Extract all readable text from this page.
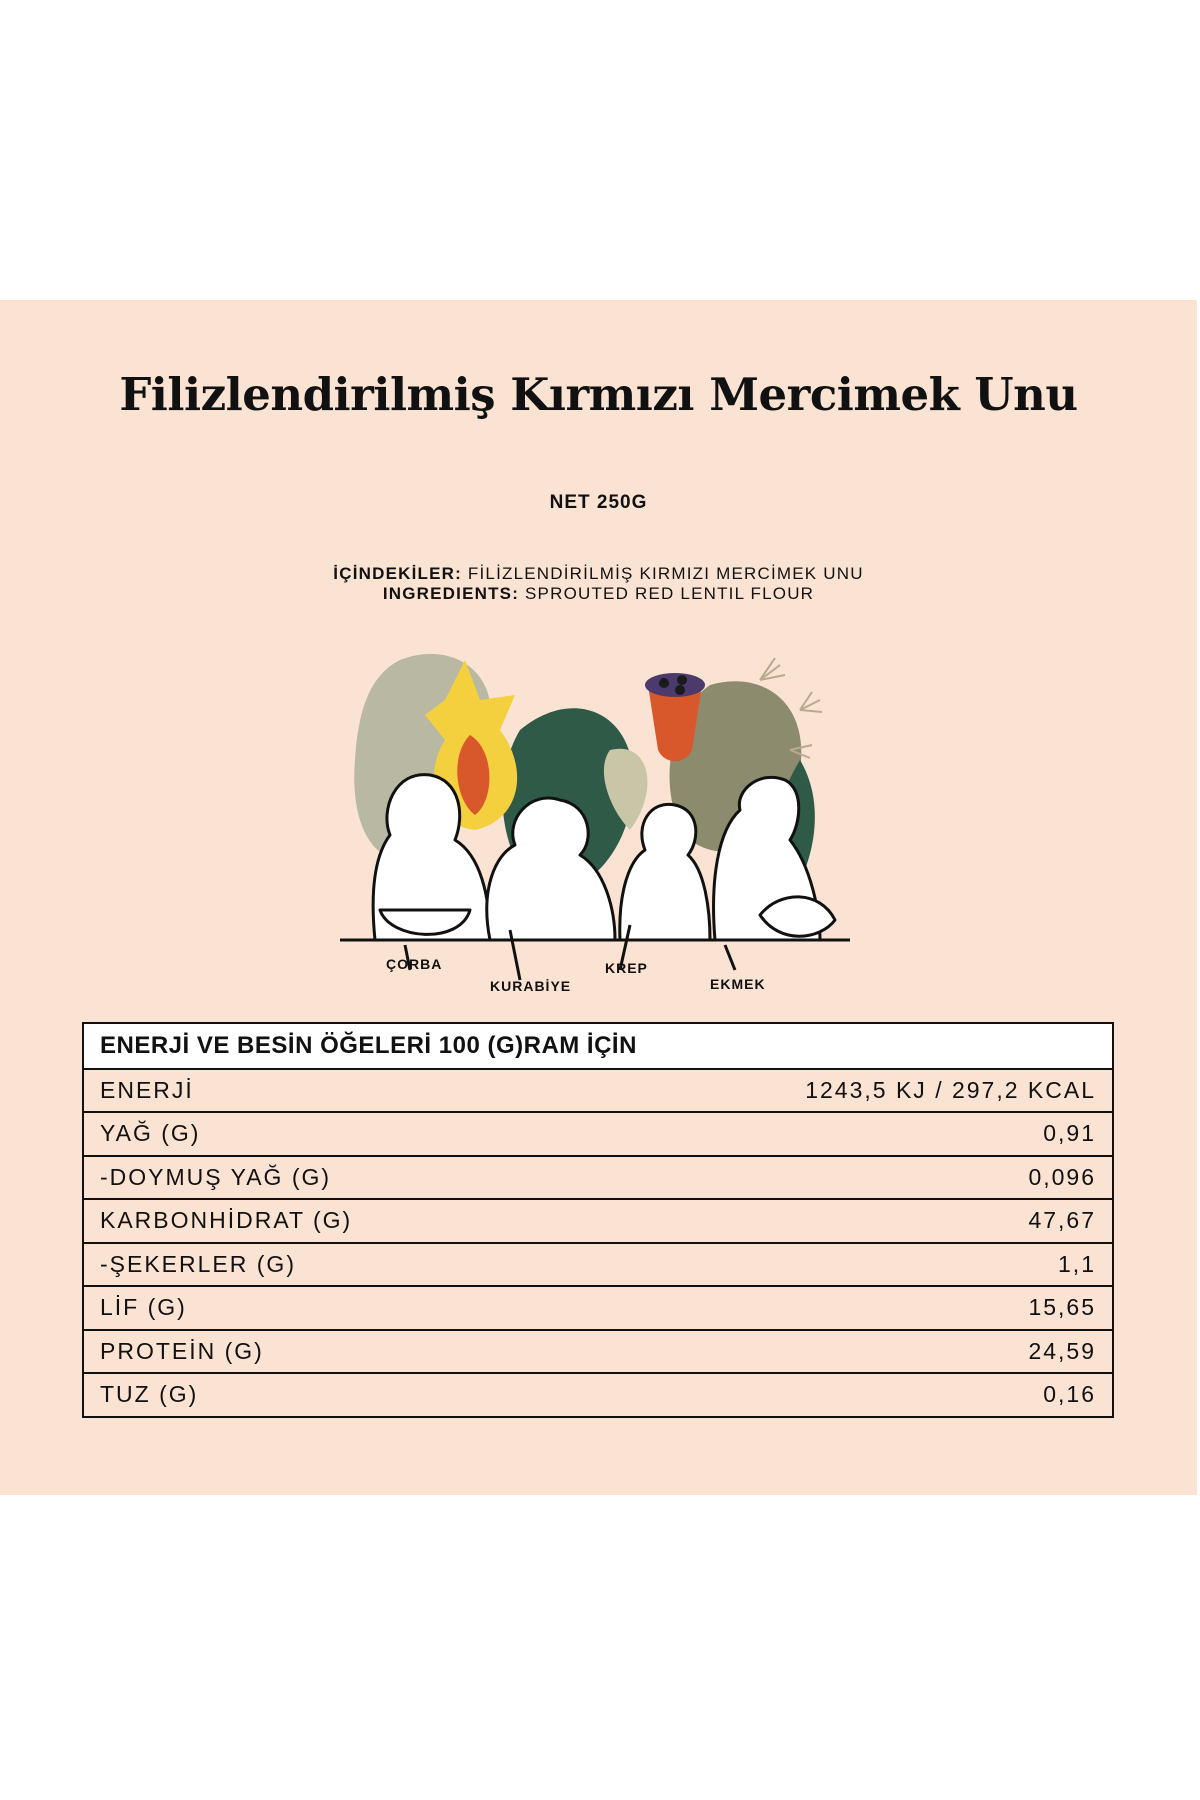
Filizlendirilmiş Kırmızı Mercimek Unu
NET 250G
İÇİNDEKİLER: FİLİZLENDİRİLMİŞ KIRMIZI MERCİMEK UNU
INGREDIENTS: SPROUTED RED LENTIL FLOUR
ÇORBA
KURABİYE
KREP
EKMEK
ENERJİ VE BESİN ÖĞELERİ 100 (G)RAM İÇİN
ENERJİ	1243,5 KJ / 297,2 KCAL
YAĞ (G)	0,91
-DOYMUŞ YAĞ (G)	0,096
KARBONHİDRAT (G)	47,67
-ŞEKERLER (G)	1,1
LİF (G)	15,65
PROTEİN (G)	24,59
TUZ (G)	0,16
